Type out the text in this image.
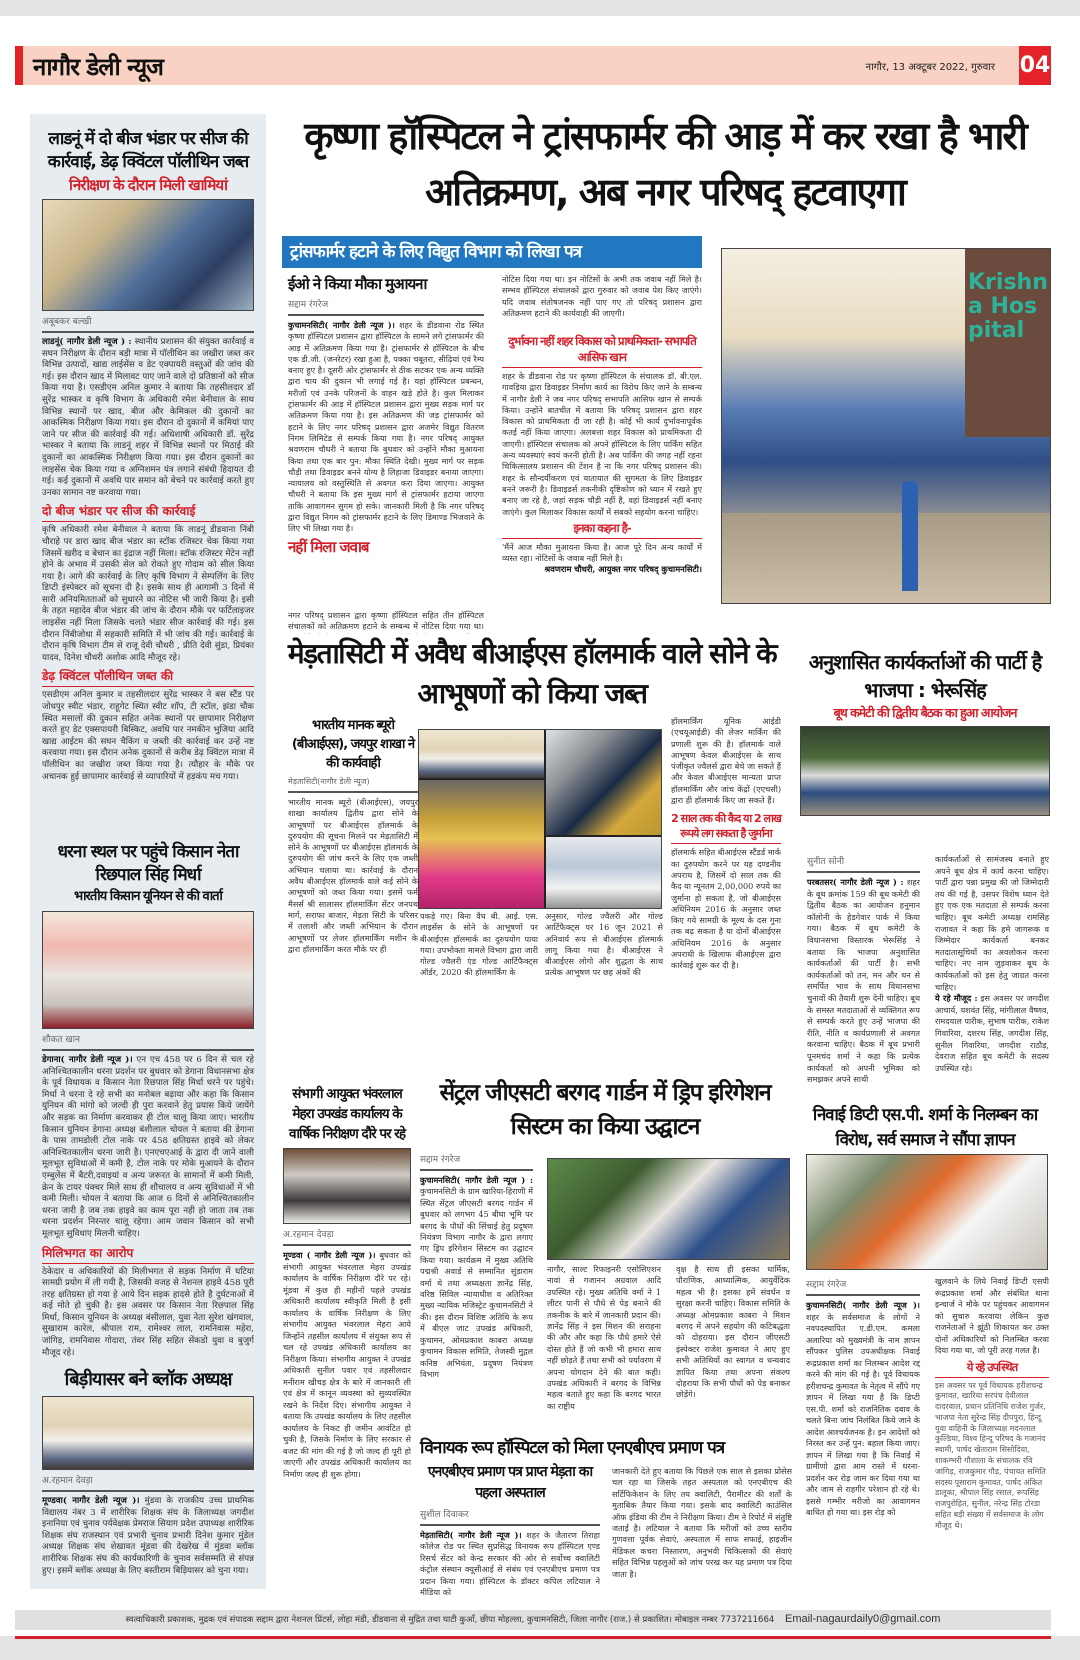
नागौर डेली न्यूज	नागौर, 13 अक्टूबर 2022, गुरुवार 04
लाडनूं में दो बीज भंडार पर सीज की कार्रवाई, डेढ़ क्विंटल पॉलीथिन जब्त
निरीक्षण के दौरान मिली खामियां
अबूबकर बल्खी
लाडनूं( नागौर डेली न्यूज ) : स्थानीय प्रशासन की संयुक्त कार्रवाई व सघन निरीक्षण के दौरान बड़ी मात्रा में पॉलीथिन का जखीरा जब्त कर विभिन्न उत्पादों, खाद्य लाईसेंस व डेट एक्पायरी वस्तुओं की जांच की गई। इस दौरान खाद में मिलावट पाए जाने वाले दो प्रतिष्ठानों को सीज किया गया है। एसडीएम अनिल कुमार ने बताया कि तहसीलदार डॉ सुरेंद्र भास्कर व कृषि विभाग के अधिकारी रमेश बेनीवाल के साथ विभिन्न स्थानों पर खाद, बीज और केमिकल की दुकानों का आकस्मिक निरीक्षण किया गया। इस दौरान दो दुकानों में कमियां पाए जाने पर सीज की कार्रवाई की गई। अधिशाषी अधिकारी डॉ. सुरेंद्र भास्कर ने बताया कि लाडनूं शहर में विभिन्न स्थानों पर मिठाई की दुकानों का आकस्मिक निरीक्षण किया गया। इस दौरान दुकानों का लाइसेंस चेक किया गया व अग्निशमन यंत्र लगाने संबंधी हिदायत दी गई। कई दुकानों में अवधि पार समान को बेचने पर कार्रवाई करते हुए उनका सामान नष्ट करवाया गया।
दो बीज भंडार पर सीज की कार्रवाई
कृषि अधिकारी रमेश बेनीवाल ने बताया कि लाडनूं डीडवाना निंबी चौराहे पर डारा खाद बीज भंडार का स्टॉक रजिस्टर चेक किया गया जिसमें खरीद व बेचान का इंद्राज नहीं मिला। स्टॉक रजिस्टर मेंटेन नहीं होने के अभाव में उसकी सेल को रोकते हुए गोदाम को सील किया गया है। आगे की कार्रवाई के लिए कृषि विभाग ने सेम्पलिंग के लिए डिप्टी इंस्पेक्टर को सूचना दी है। इसके साथ ही आगामी 3 दिनों में सारी अनियमितताओं को सुधारने का नोटिस भी जारी किया है। इसी के तहत महादेव बीज भंडार की जांच के दौरान मौके पर फर्टिलाइजर लाइसेंस नहीं मिला जिसके चलते भंडार सीज कार्रवाई की गई। इस दौरान निंबीजोधा में सहकारी समिति में भी जांच की गई। कार्रवाई के दौरान कृषि विभाग टीम से राजू देवी चौधरी , प्रीति देवी सुंडा, प्रियंका यादव, दिनेश चौधरी अशोक आदि मौजूद रहे।
डेढ़ क्विंटल पॉलीथिन जब्त की
एसडीएम अनिल कुमार व तहसीलदार सुरेंद्र भास्कर ने बस स्टैंड पर जोधपुर स्वीट भंडार, राहूगेट स्थित स्वीट शॉप, टी स्टॉल, झंडा चौक स्थित मसालों की दुकान सहित अनेक स्थानों पर छापामार निरीक्षण करते हुए डेट एक्सपायरी बिस्किट, अवधि पार नमकीन भुजिया आदि खाद्य आईटम की सघन चैकिंग व जब्ती की कार्रवाई कर उन्हें नष्ट करवाया गया। इस दौरान अनेक दुकानों से करीब डेढ़ क्विंटल मात्रा में पॉलीथिन का जखीरा जब्त किया गया है। त्यौहार के मौके पर अचानक हुई छापामार कार्रवाई से व्यापारियों में हड़कंप मच गया।
धरना स्थल पर पहुंचे किसान नेता रिछपाल सिंह मिर्धा
भारतीय किसान यूनियन से की वार्ता
शौकत खान
डेगाना( नागौर डेली न्यूज )। एन एच 458 पर 6 दिन से चल रहे अनिश्चितकालीन धरना प्रदर्शन पर बुधवार को डेगाना विधानसभा क्षेत्र के पूर्व विधायक व किसान नेता रिछपाल सिंह मिर्धा धरने पर पहुंचे। मिर्धा ने धरना दे रहे सभी का मनोबल बढ़ाया और कहा कि किसान युनियन की मांगो को जल्दी ही पुरा करवाने हेतु प्रयास किये जायेंगे और सड़क का निर्माण करवाकर ही टोल चालू किया जाए। भारतीय किसान युनियन डेगाना अध्यक्ष बंशीलाल चोयल ने बताया की डेगाना के पास तामडोली टोल नाके पर 458 क्षतिग्रस्त हाइवे को लेकर अनिश्चितकालीन धरना जारी है। एनएचएआई के द्वारा दी जाने वाली मूलभूत सुविधाओं में कमी है, टोल नाके पर मोके मुआयने के दौरान एम्बुलेंस में बैटरी,दवाइयां व अन्य जरूरत के सामानों में कमी मिली, क्रेन के टायर पंक्चर मिले साथ ही शौचालय व अन्य सुविधाओं में भी कमी मिली। चोयल ने बताया कि आज 6 दिनों से अनिश्चितकालीन धरना जारी है जब तक हाइवे का काम पूरा नही हो जाता तब तक धरना प्रदर्शन निरन्तर चालू रहेगा। आम जवान किसान को सभी मूलभूत सुविधाए मिलनी चाहिए।
मिलिभगत का आरोप
ठेकेदार व अधिकारियों की मिलीभगत से सड़क निर्माण में घटिया सामग्री प्रयोग में ली गयी है, जिसकी वजह से नेशनल हाइवे 458 पूरी तरह क्षतिग्रस्त हो गया हे आये दिन सड़क हादसे होते है दुर्घटनाओं में कई मोते हो चुकी है। इस अवसर पर किसान नेता रिछपाल सिंह मिर्धा, किसान यूनियन के अध्यक्ष बंसीलाल, युवा नेता सुरेश खंगवाल, सुखाराम कारेल, श्रीपाल राम, रामेश्वर लाल, रामनिवास महेरा, जांगिड़, रामनिवास गोदारा, तंवर सिंह सहित सेंकडो युवा व बुजुर्ग मौजूद रहे।
बिड़ीयासर बने ब्लॉक अध्यक्ष
अ.रहमान देवड़ा
मूण्डवा( नागौर डेली न्यूज )। मुंडवा के राजकीय उच्च प्राथमिक विद्यालय नंबर 3 में शारीरिक शिक्षक संघ के जिलाध्यक्ष जगदीश इनानिया एवं चुनाव पर्यवेक्षक प्रेमराज सियाग प्रदेश उपाध्यक्ष शारीरिक शिक्षक संघ राजस्थान एवं प्रभारी चुनाव प्रभारी दिनेश कुमार मुंडेल अध्यक्ष शिक्षक संघ शेखावत मूंडवा की देखरेख में मुंडवा ब्लॉक शारीरिक शिक्षक संघ की कार्यकारिणी के चुनाव सर्वसम्मति से संपन्न हुए। इसमें ब्लॉक अध्यक्ष के लिए बस्तीराम बिड़ियासर को चुना गया।
कृष्णा हॉस्पिटल ने ट्रांसफार्मर की आड़ में कर रखा है भारी अतिक्रमण, अब नगर परिषद् हटवाएगा
ट्रांसफार्मर हटाने के लिए विद्युत विभाग को लिखा पत्र
ईओ ने किया मौका मुआयना
सद्दाम रंगरेज
कुचामनसिटी( नागौर डेली न्यूज )। शहर के डीडवाना रोड स्थित कृष्णा हॉस्पिटल प्रशासन द्वारा हॉस्पिटल के सामने लगे ट्रांसफार्मर की आड़ में अतिक्रमण किया गया है। ट्रांसफार्मर से हॉस्पिटल के बीच एक डी.जी. (जनरेटर) रखा हुआ है, पक्का चबूतरा, सीढ़ियां एवं रैम्प बनाए हुए है। दूसरी ओर ट्रांसफार्मर से ठीक सटकर एक अन्य व्यक्ति द्वारा चाय की दुकान भी लगाई गई है। यहां हॉस्पिटल प्रबन्धन, मरीजों एवं उनके परिजनों के वाहन खड़े होते है। कुल मिलाकर ट्रांसफार्मर की आड़ में हॉस्पिटल प्रशासन द्वारा मुख्य सड़क मार्ग पर अतिक्रमण किया गया है। इस अतिक्रमण की जड़ ट्रांसफार्मर को हटाने के लिए नगर परिषद् प्रशासन द्वारा अजमेर विद्युत वितरण निगम लिमिटेड से सम्पर्क किया गया है। नगर परिषद् आयुक्त श्रवणराम चौधरी ने बताया कि बुधवार को उन्होंने मौका मुआयना किया तथा एक बार पुन: मौका स्थिति देखी। मुख्य मार्ग पर सड़क चौड़ी तथा डिवाइडर बनने योग्य है लिहाजा डिवाइडर बनाया जाएगा। न्यायालय को वस्तुस्थिति से अवगत करा दिया जाएगा। आयुक्त चौधरी ने बताया कि इस मुख्य मार्ग से ट्रांसफार्मर हटाया जाएगा ताकि आवागमन सुगम हो सके। जानकारी मिली है कि नगर परिषद् द्वारा विद्युत निगम को ट्रांसफार्मर हटाने के लिए डिमाण्ड भिजवाने के लिए भी लिखा गया है।
नहीं मिला जवाब
नगर परिषद् प्रशासन द्वारा कृष्णा हॉस्पिटल सहित तीन हॉस्पिटल संचालकों को अतिक्रमण हटाने के सम्बन्ध में नोटिस दिया गया था।
नोटिस दिया गया था। इन नोटिसों के अभी तक जवाब नहीं मिले है। सम्भव हॉस्पिटल संचालकों द्वारा गुरुवार को जवाब पेश किए जाएंगे। यदि जवाब संतोषजनक नहीं पाए गए तो परिषद् प्रशासन द्वारा अतिक्रमण हटाने की कार्यवाही की जाएगी।
दुर्भावना नहीं शहर विकास को प्राथमिकता- सभापति आसिफ खान
शहर के डीडवाना रोड पर कृष्णा हॉस्पिटल के संचालक डॉ. बी.एल. गावड़िया द्वारा डिवाइडर निर्माण कार्य का विरोध किए जाने के सम्बन्ध में नागौर डेली ने जब नगर परिषद् सभापति आसिफ खान से सम्पर्क किया। उन्होंने बातचीत में बताया कि परिषद् प्रशासन द्वारा शहर विकास को प्राथमिकता दी जा रही है। कोई भी कार्य दुर्भावनापूर्वक कतई नहीं किया जाएगा। अलबत्ता शहर विकास को प्राथमिकता दी जाएगी। हॉस्पिटल संचालक को अपने हॉस्पिटल के लिए पार्किंग सहित अन्य व्यवस्थाएं स्वयं करनी होती है। अब पार्किंग की जगह नहीं रहना चिकित्सालय प्रशासन की टेंशन है ना कि नगर परिषद् प्रशासन की। शहर के सौन्दर्यीकरण एवं यातायात की सुगमता के लिए डिवाइडर बनने जरूरी है। डिवाइडर्स तकनीकी दृष्टिकोण को ध्यान में रखते हुए बनाए जा रहे है, जहां सड़क चौड़ी नहीं है, वहां डिवाइडर्स नहीं बनाए जाएंगे। कुल मिलाकर विकास कार्यों में सबको सहयोग करना चाहिए।
इनका कहना है-
'मैंनें आज मौका मुआयना किया है। आज पूरे दिन अन्य कार्यों में व्यस्त रहा। नोटिसों के जवाब नहीं मिले है।
श्रवणराम चौधरी, आयुक्त नगर परिषद् कुचामनसिटी।
Krishna Hospital
मेड़तासिटी में अवैध बीआईएस हॉलमार्क वाले सोने के आभूषणों को किया जब्त
भारतीय मानक ब्यूरो (बीआईएस), जयपुर शाखा ने की कार्यवाही
मेड़तासिटी(नागौर डेली न्यूज)
भारतीय मानक ब्यूरो (बीआईएस), जयपुर शाखा कार्यालय द्वितीय द्वारा सोने के आभूषणों पर बीआईएस हॉलमार्क के दुरुपयोग की सूचना मिलने पर मेड़तासिटी में सोने के आभूषणों पर बीआईएस हॉलमार्क के दुरुपयोग की जांच करने के लिए एक जब्ती अभियान चलाया था। कार्रवाई के दौरान अवैध बीआईएस हॉलमार्क वाले कई सोने के आभूषणों को जब्त किया गया। इसमें फर्म मैसर्स श्री सालासर हॉलमार्किंग सेंटर जनपथ मार्ग, सराफा बाजार, मेड़ता सिटी के परिसर में तलाशी और जब्ती अभियान के दौरान आभूषणों पर लेजर हॉलमार्किंग मशीन के द्वारा हॉलमार्किंग करत मौके पर ही
पकड़े गए। बिना वैध बी. आई. एस. लाइसेंस के सोने के आभूषणों पर बीआईएस हॉलमार्क का दुरुपयोग पाया गया। उपभोक्ता मामले विभाग द्वारा जारी गोल्ड ज्वैलरी एंड गोल्ड आर्टिफैक्ट्स ऑर्डर, 2020 की हॉलमार्किंग के
अनुसार, गोल्ड ज्वैलरी और गोल्ड आर्टिफैक्ट्स पर 16 जून 2021 से अनिवार्य रूप से बीआईएस हॉलमार्क लागू किया गया है। बीआईएस ने बीआईएस लोगो और शुद्धता के साथ प्रत्येक आभूषण पर छह अंकों की
हॉलमार्किंग यूनिक आईडी (एचयूआईडी) की लेजर मार्किंग की प्रणाली शुरू की है। हॉलमार्क वाले आभूषण केवल बीआईएस के साथ पंजीकृत ज्वैलर्स द्वारा बेचे जा सकते हैं और केवल बीआईएस मान्यता प्राप्त हॉलमार्किंग और जांच केंद्रों (एएचसी) द्वारा ही हॉलमार्क किए जा सकते हैं।
2 साल तक की कैद या 2 लाख रूपये लग सकता है जुर्माना
हॉलमार्क सहित बीआईएस स्टैंडर्ड मार्क का दुरुपयोग करने पर यह दण्डनीय अपराध है, जिसमें दो साल तक की कैद या न्यूनतम 2,00,000 रुपये का जुर्माना हो सकता है, जो बीआईएस अधिनियम 2016 के अनुसार जब्त किए गये सामग्री के मूल्य के दस गुना तक बढ़ सकता है या दोनों बीआईएस अधिनियम 2016 के अनुसार अपराधी के खिलाफ बीआईएस द्वारा कार्रवाई शुरू कर दी है।
अनुशासित कार्यकर्ताओं की पार्टी है भाजपा : भेरूसिंह
बूथ कमेटी की द्वितीय बैठक का हुआ आयोजन
सुनीत सोनी
परबतसर( नागौर डेली न्यूज ) : शहर के बूथ क्रमांक 159 की बूथ कमेटी की द्वितीय बैठक का आयोजन हनुमान कॉलोनी के हेडगेवार पार्क में किया गया। बैठक में बूथ कमेटी के विधानसभा विस्तारक भेरूसिंह ने बताया कि भाजपा अनुशासित कार्यकर्ताओं की पार्टी है। सभी कार्यकर्ताओं को तन, मन और धन से समर्पित भाव के साथ विधानसभा चुनावों की तैयारी शुरू देनी चाहिए। बूथ के समस्त मतदाताओं से व्यक्तिगत रूप से सम्पर्क करते हुए उन्हें भाजपा की रीति, नीति व कार्यप्रणाली से अवगत करवाना चाहिए। बैठक में बूथ प्रभारी पूनमचंद शर्मा ने कहा कि प्रत्येक कार्यकर्ता को अपनी भूमिका को समझकर अपने साथी
कार्यकर्ताओं से सामंजस्य बनाते हुए अपने बूथ क्षेत्र में कार्य करना चाहिए। पार्टी द्वारा पन्ना प्रमुख की जो जिम्मेदारी तय की गई है, उसपर विशेष ध्यान देते हुए एक एक मतदाता से सम्पर्क करना चाहिए। बूथ कमेटी अध्यक्ष रामसिंह राजावत ने कहा कि हमे जागरूक व जिम्मेदार कार्यकर्ता बनकर मतदातासूचियों का अवलोकन करना चाहिए। नए नाम जुड़वाकर बूथ के कार्यकर्ताओं को इस हेतु जाग्रत करना चाहिए।
ये रहे मौजूद : इस अवसर पर जगदीश आचार्य, यशवंत सिंह, मांगीलाल वैष्णव, रामदयाल पारीक, सुभाष पारीक, राकेश गिवारिया, दशरथ सिंह, जगदीश सिंह, सुनील गिवारिया, जगदीश राठौड़, देवराज सहित बूथ कमेटी के सदस्य उपस्थित रहे।
संभागी आयुक्त भंवरलाल मेहरा उपखंड कार्यालय के वार्षिक निरीक्षण दौरे पर रहे
अ.रहमान देवड़ा
मूण्डवा ( नागौर डेली न्यूज )। बुधवार को संभागी आयुक्त भंवरलाल मेहरा उपखंड कार्यालय के वार्षिक निरीक्षण दौरे पर रहे। मूंडवा में कुछ ही महीनों पहले उपखंड अधिकारी कार्यालय स्वीकृति मिली है इसी कार्यालय के वार्षिक निरीक्षण के लिए संभागीय आयुक्त भंवरलाल मेहरा आये जिन्होंने तहसील कार्यालय में संयुक्त रूप से चल रहे उपखंड अधिकारी कार्यालय का निरीक्षण किया। संभागीय आयुक्त ने उपखंड अधिकारी सुनील पवार एवं तहसीलदार मनीराम खीचड़ क्षेत्र के बारे में जानकारी ली एवं क्षेत्र में कानून व्यवस्था को सुव्यवस्थित रखने के निर्देश दिए। संभागीय आयुक्त ने बताया कि उपखंड कार्यालय के लिए तहसील कार्यालय के निकट ही जमीन आवंटित हो चुकी है, जिसके निर्माण के लिए सरकार से बजट की मांग की गई है जो जल्द ही पूरी हो जाएगी और उपखंड अधिकारी कार्यालय का निर्माण जल्द ही शुरू होगा।
सेंट्रल जीएसटी बरगद गार्डन में ड्रिप इरिगेशन सिस्टम का किया उद्घाटन
सद्दाम रंगरेज
कुचामनसिटी( नागौर डेली न्यूज ) : कुचामनसिटी के ग्राम खारिया-हिराणी में स्थित सेंट्रल जीएसटी बरगद गार्डन में बुधवार को लगभग 45 बीघा भूमि पर बरगद के पौधों की सिंचाई हेतु प्रदूषण नियंत्रण विभाग नागौर के द्वारा लगाए गए ड्रिप इरिगेशन सिस्टम का उद्घाटन किया गया। कार्यक्रम में मुख्य अतिथि पद्मश्री अवार्ड से सम्मानित सुंडाराम वर्मा थे तथा अध्यक्षता ज्ञानेंद्र सिंह, वरिष्ठ सिविल न्यायाधीश व अतिरिक्त मुख्य न्यायिक मजिस्ट्रेट कुचामनसिटी ने की। इस दौरान विशिष्ट अतिथि के रूप में बीएल जाट उपखंड अधिकारी, कुचामन, ओमप्रकाश काबरा अध्यक्ष कुचामन विकास समिति, तेजस्वी मुद्गल कनिष्ठ अभियंता, प्रदूषण नियंत्रण विभाग
नागौर, साल्ट रिफाइनरी एसोसिएशन नावां से गजानन अग्रवाल आदि उपस्थित रहे। मुख्य अतिथि वर्मा ने 1 लीटर पानी से पौधे से पेड़ बनाने की तकनीक के बारे में जानकारी प्रदान की। ज्ञानेंद्र सिंह ने इस मिशन की सराहना की और और कहा कि पौधे हमारे ऐसे दोस्त होते हैं जो कभी भी हमारा साथ नहीं छोड़ते हैं तथा सभी को पर्यावरण में अपना योगदान देने की बात कही। उपखंड अधिकारी ने बरगद के विभिन्न महत्व बताते हुए कहा कि बरगद भारत का राष्ट्रीय
वृक्ष है साथ ही इसका धार्मिक, पौराणिक, आध्यात्मिक, आयुर्वेदिक महत्व भी है। इसका हमें संवर्धन व सुरक्षा करनी चाहिए। विकास समिति के अध्यक्ष ओमप्रकाश काबरा ने मिशन बरगद में अपने सहयोग की कटिबद्धता को दोहराया। इस दौरान जीएसटी इंस्पेक्टर राजेश कुमावत ने आए हुए सभी अतिथियों का स्वागत व धन्यवाद ज्ञापित किया तथा अपना संकल्प दोहराया कि सभी पौधों को पेड़ बनाकर छोड़ेंगे।
विनायक रूप हॉस्पिटल को मिला एनएबीएच प्रमाण पत्र
एनएबीएच प्रमाण पत्र प्राप्त मेड़ता का पहला अस्पताल
सुशील दिवाकर
मेड़तासिटी( नागौर डेली न्यूज )। शहर के जैतारण तिराहा कॉलेज रोड पर स्थित सुप्रसिद्ध विनायक रूप हॉस्पिटल एण्ड रिसर्च सेंटर को केन्द्र सरकार की ओर से सर्वोच्च क्वालिटी कंट्रोल संस्थान क्यूसीआई से संबंध एवं एनएबीएच प्रमाण पत्र प्रदान किया गया। हॉस्पिटल के डॉक्टर कपिल लटियाल ने मीडिया को
जानकारी देते हुए बताया कि पिछले एक साल से इसका प्रोसेस चल रहा था जिसके तहत अस्पताल को एनएबीएच की सर्टिफिकेशन के लिए तय क्वालिटी, पैरामीटर की शर्तों के मुताबिक तैयार किया गया। इसके बाद क्वालिटी काउंसिल ऑफ इंडिया की टीम ने निरीक्षण किया। टीम ने रिपोर्ट में संतुष्टि जताई है। लटियाल ने बताया कि मरीजों को उच्च स्तरीय गुणवत्ता पूर्वक सेवाएं, अस्पताल में साफ सफाई, हाइजीन मेडिकल कचरा निस्तारण, अनुभवी चिकित्सकों की सेवाएं सहित विभिन्न पहलुओं को जांच परख कर यह प्रमाण पत्र दिया जाता है।
निवाई डिप्टी एस.पी. शर्मा के निलम्बन का विरोध, सर्व समाज ने सौंपा ज्ञापन
सद्दाम रंगरेज
कुचामनसिटी( नागौर डेली न्यूज )। शहर के सर्वसमाज के लोगों ने नवपदस्थापित ए.डी.एम. कमला अलारिया को मुख्यमंत्री के नाम ज्ञापन सौंपकर पुलिस उपअधीक्षक निवाई रूद्रप्रकाश शर्मा का निलम्बन आदेश रद्द करने की मांग की गई है। पूर्व विधायक हरीशचन्द्र कुमावत के नेतृत्व में सौंपे गए ज्ञापन में लिखा गया है कि डिप्टी एस.पी. शर्मा को राजनितिक दबाव के चलते बिना जांच निलंबित किये जाने के आदेश आश्चर्यजनक है। इन आदेशों को निरस्त कर उन्हें पुन: बहाल किया जाए। ज्ञापन में लिखा गया है कि निवाई में ग्रामीणो द्वारा आम रास्ते में धरना-प्रदर्शन कर रोड़ जाम कर दिया गया था और जाम से राहगीर परेशान हो रहे थे। इससे गम्भीर मरीजो का आवागमन बाधित हो गया था। इस रोड़ को
खुलवाने के लिये निवाई डिप्टी एसपी रूद्रप्रकाश शर्मा और संबंधित थाना इन्चार्ज ने मौके पर पहुंचकर आवागमन को सुचारु करवाया लेकिन कुछ राजनेताओं ने झूंठी शिकायत कर उक्त दोनों अधिकारियों को निलम्बित करवा दिया गया था, जो पूरी तरह गलत है।
ये रहे उपस्थित
इस अवसर पर पूर्व विधायक हरीशचन्द्र कुमावत, खारिया सरपंच देवीलाल दादरवाल, प्रधान प्रतिनिधि राजेश गुर्जर, भाजपा नेता सुरेन्द्र सिंह दीपपुरा, हिन्दू युवा वाहिनी के जिलाध्यक्ष मदनलाल कुल्डिया, विश्व हिन्दू परिषद के गजानंद स्वामी, पार्षद खेताराम सिसोदिया, शाकम्भरी गौशाला के संचालक रवि जांगिड़, राजकुमार गौड़, पंचायत समिति सदस्य पूसाराम कुमावत, पार्षद अंकित डालूका, श्रीपाल सिंह रसाल, रूपसिंह राजपुरोहित, सुनील, नरेन्द्र सिंह टोरडा सहित बड़ी संख्या में सर्वसमाज के लोग मौजूद थे।
स्वत्वाधिकारी प्रकाशक, मुद्रक एवं संपादक सद्दाम द्वारा नेशनल प्रिंटर्स, लोहा मंडी, डीडवाना से मुद्रित तथा घाटी कुआँ, छीपा मोहल्ला, कुचामनसिटी, जिला नागौर (राज.) से प्रकाशित। मोबाइल नम्बर 7737211664 Email-nagaurdaily0@gmail.com
